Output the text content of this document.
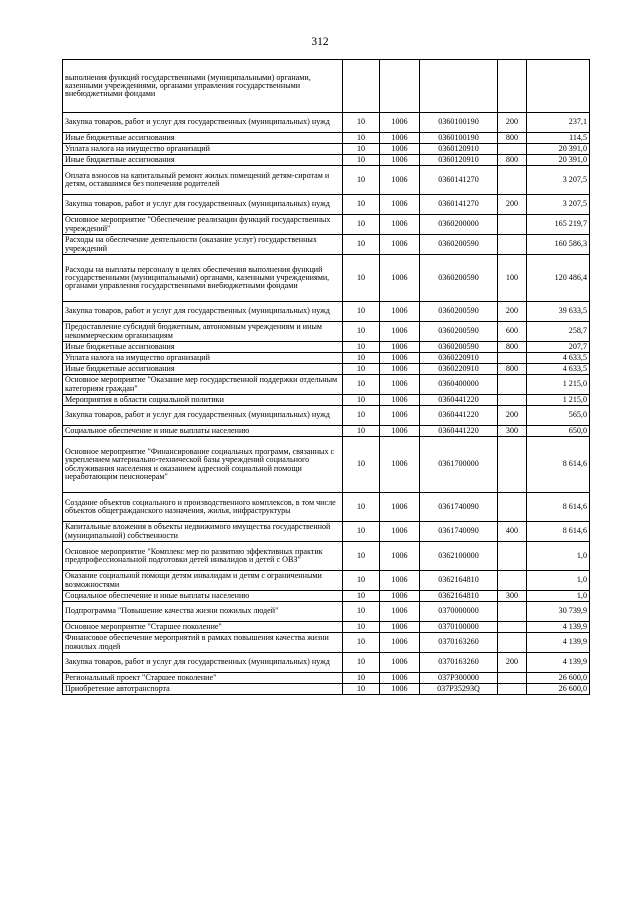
312
выполнения функций государственными (муниципальными) органами, казенными учреждениями, органами управления государственными внебюджетными фондами					
Закупка товаров, работ и услуг для государственных (муниципальных) нужд	10	1006	0360100190	200	237,1
Иные бюджетные ассигнования	10	1006	0360100190	800	114,5
Уплата налога на имущество организаций	10	1006	0360120910		20 391,0
Иные бюджетные ассигнования	10	1006	0360120910	800	20 391,0
Оплата взносов на капитальный ремонт жилых помещений детям-сиротам и детям, оставшимся без попечения родителей	10	1006	0360141270		3 207,5
Закупка товаров, работ и услуг для государственных (муниципальных) нужд	10	1006	0360141270	200	3 207,5
Основное мероприятие "Обеспечение реализации функций государственных учреждений"	10	1006	0360200000		165 219,7
Расходы на обеспечение деятельности (оказание услуг) государственных учреждений	10	1006	0360200590		160 586,3
Расходы на выплаты персоналу в целях обеспечения выполнения функций государственными (муниципальными) органами, казенными учреждениями, органами управления государственными внебюджетными фондами	10	1006	0360200590	100	120 486,4
Закупка товаров, работ и услуг для государственных (муниципальных) нужд	10	1006	0360200590	200	39 633,5
Предоставление субсидий бюджетным, автономным учреждениям и иным некоммерческим организациям	10	1006	0360200590	600	258,7
Иные бюджетные ассигнования	10	1006	0360200590	800	207,7
Уплата налога на имущество организаций	10	1006	0360220910		4 633,5
Иные бюджетные ассигнования	10	1006	0360220910	800	4 633,5
Основное мероприятие "Оказание мер государственной поддержки отдельным категориям граждан"	10	1006	0360400000		1 215,0
Мероприятия в области социальной политики	10	1006	0360441220		1 215,0
Закупка товаров, работ и услуг для государственных (муниципальных) нужд	10	1006	0360441220	200	565,0
Социальное обеспечение и иные выплаты населению	10	1006	0360441220	300	650,0
Основное мероприятие "Финансирование социальных программ, связанных с укреплением материально-технической базы учреждений социального обслуживания населения и оказанием адресной социальной помощи неработающим пенсионерам"	10	1006	0361700000		8 614,6
Создание объектов социального и производственного комплексов, в том числе объектов общегражданского назначения, жилья, инфраструктуры	10	1006	0361740090		8 614,6
Капитальные вложения в объекты недвижимого имущества государственной (муниципальной) собственности	10	1006	0361740090	400	8 614,6
Основное мероприятие "Комплекс мер по развитию эффективных практик предпрофессиональной подготовки детей инвалидов и детей с ОВЗ"	10	1006	0362100000		1,0
Оказание социальной помощи детям инвалидам и детям с ограниченными возможностями	10	1006	0362164810		1,0
Социальное обеспечение и иные выплаты населению	10	1006	0362164810	300	1,0
Подпрограмма "Повышение качества жизни пожилых людей"	10	1006	0370000000		30 739,9
Основное мероприятие "Старшее поколение"	10	1006	0370100000		4 139,9
Финансовое обеспечение мероприятий в рамках повышения качества жизни пожилых людей	10	1006	0370163260		4 139,9
Закупка товаров, работ и услуг для государственных (муниципальных) нужд	10	1006	0370163260	200	4 139,9
Региональный проект "Старшее поколение"	10	1006	037P300000		26 600,0
Приобретение автотранспорта	10	1006	037P35293Q		26 600,0
